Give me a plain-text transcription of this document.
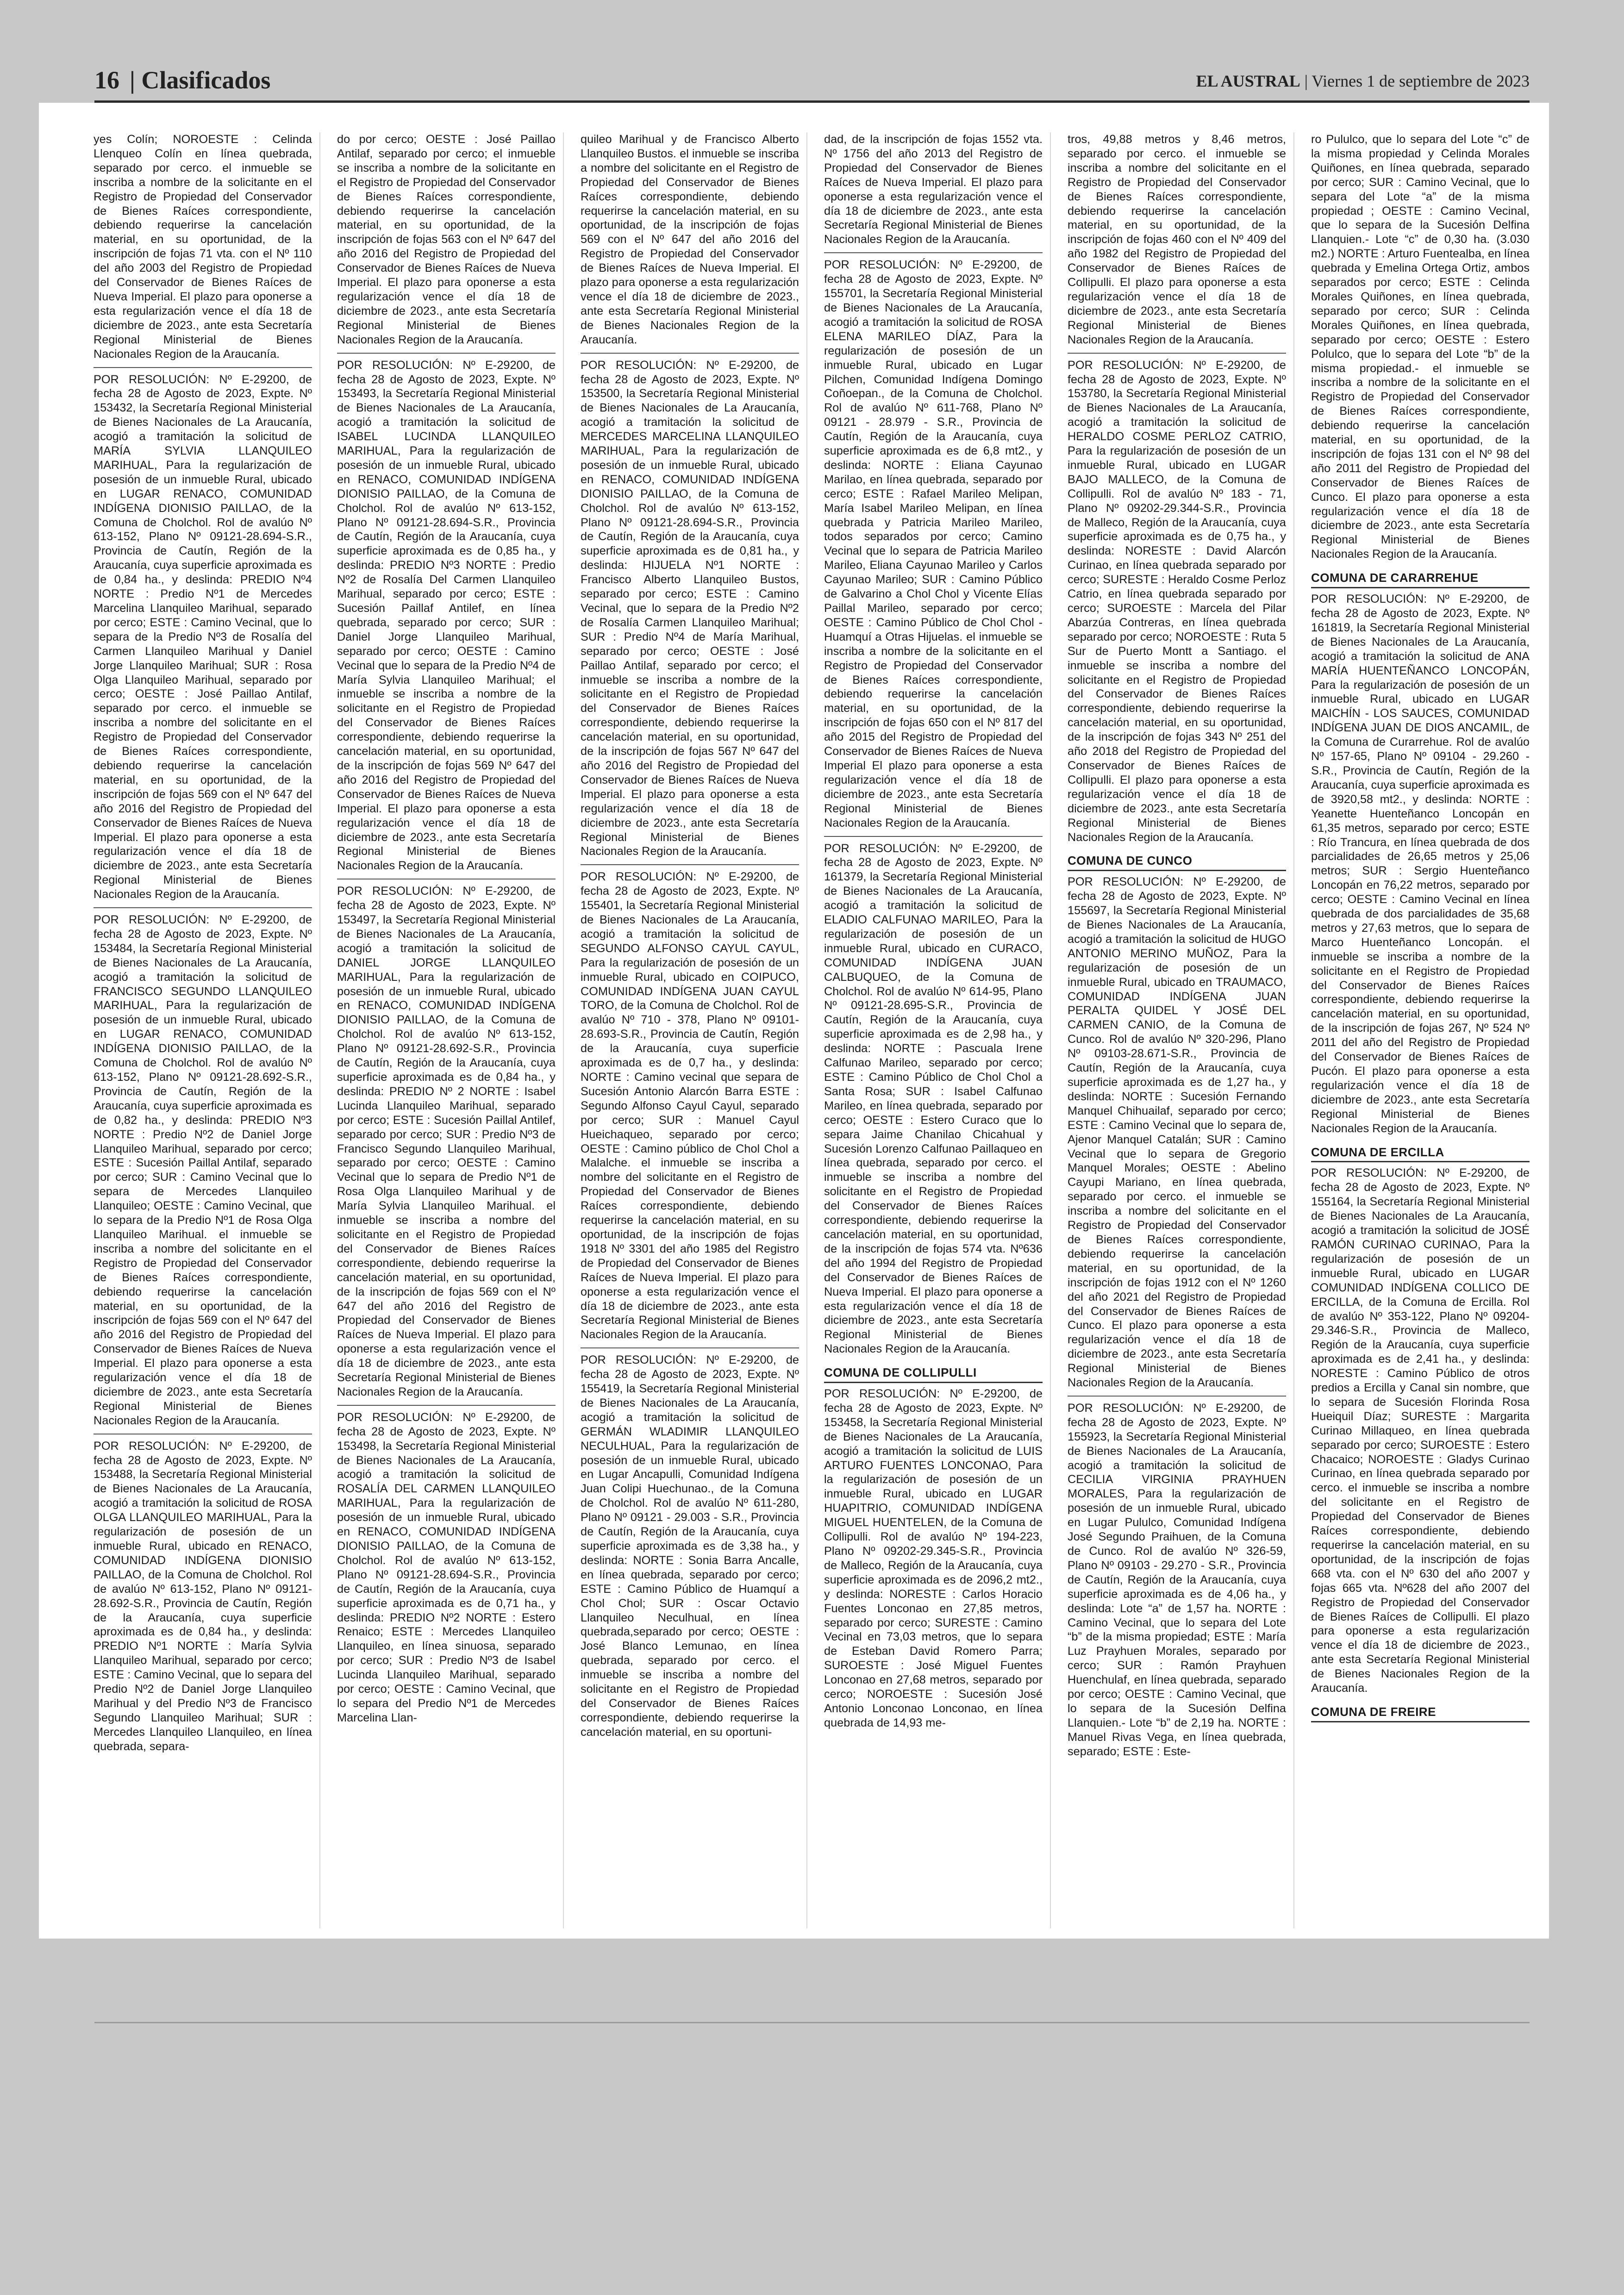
16 | Clasificados	EL AUSTRAL | Viernes 1 de septiembre de 2023
yes Colín; NOROESTE : Celinda Llenqueo Colín en línea quebrada, separado por cerco. el inmueble se inscriba a nombre de la solicitante en el Registro de Propiedad del Conservador de Bienes Raíces correspondiente, debiendo requerirse la cancelación material, en su oportunidad, de la inscripción de fojas 71 vta. con el Nº 110 del año 2003 del Registro de Propiedad del Conservador de Bienes Raíces de Nueva Imperial. El plazo para oponerse a esta regularización vence el día 18 de diciembre de 2023., ante esta Secretaría Regional Ministerial de Bienes Nacionales Region de la Araucanía.
POR RESOLUCIÓN: Nº E-29200, de fecha 28 de Agosto de 2023, Expte. Nº 153432, la Secretaría Regional Ministerial de Bienes Nacionales de La Araucanía, acogió a tramitación la solicitud de MARÍA SYLVIA LLANQUILEO MARIHUAL, Para la regularización de posesión de un inmueble Rural, ubicado en LUGAR RENACO, COMUNIDAD INDÍGENA DIONISIO PAILLAO, de la Comuna de Cholchol. Rol de avalúo Nº 613-152, Plano Nº 09121-28.694-S.R., Provincia de Cautín, Región de la Araucanía, cuya superficie aproximada es de 0,84 ha., y deslinda: PREDIO Nº4 NORTE : Predio Nº1 de Mercedes Marcelina Llanquileo Marihual, separado por cerco; ESTE : Camino Vecinal, que lo separa de la Predio Nº3 de Rosalía del Carmen Llanquileo Marihual y Daniel Jorge Llanquileo Marihual; SUR : Rosa Olga Llanquileo Marihual, separado por cerco; OESTE : José Paillao Antilaf, separado por cerco. el inmueble se inscriba a nombre del solicitante en el Registro de Propiedad del Conservador de Bienes Raíces correspondiente, debiendo requerirse la cancelación material, en su oportunidad, de la inscripción de fojas 569 con el Nº 647 del año 2016 del Registro de Propiedad del Conservador de Bienes Raíces de Nueva Imperial. El plazo para oponerse a esta regularización vence el día 18 de diciembre de 2023., ante esta Secretaría Regional Ministerial de Bienes Nacionales Region de la Araucanía.
POR RESOLUCIÓN: Nº E-29200, de fecha 28 de Agosto de 2023, Expte. Nº 153484, la Secretaría Regional Ministerial de Bienes Nacionales de La Araucanía, acogió a tramitación la solicitud de FRANCISCO SEGUNDO LLANQUILEO MARIHUAL, Para la regularización de posesión de un inmueble Rural, ubicado en LUGAR RENACO, COMUNIDAD INDÍGENA DIONISIO PAILLAO, de la Comuna de Cholchol. Rol de avalúo Nº 613-152, Plano Nº 09121-28.692-S.R., Provincia de Cautín, Región de la Araucanía, cuya superficie aproximada es de 0,82 ha., y deslinda: PREDIO Nº3 NORTE : Predio Nº2 de Daniel Jorge Llanquileo Marihual, separado por cerco; ESTE : Sucesión Paillal Antilaf, separado por cerco; SUR : Camino Vecinal que lo separa de Mercedes Llanquileo Llanquileo; OESTE : Camino Vecinal, que lo separa de la Predio Nº1 de Rosa Olga Llanquileo Marihual. el inmueble se inscriba a nombre del solicitante en el Registro de Propiedad del Conservador de Bienes Raíces correspondiente, debiendo requerirse la cancelación material, en su oportunidad, de la inscripción de fojas 569 con el Nº 647 del año 2016 del Registro de Propiedad del Conservador de Bienes Raíces de Nueva Imperial. El plazo para oponerse a esta regularización vence el día 18 de diciembre de 2023., ante esta Secretaría Regional Ministerial de Bienes Nacionales Region de la Araucanía.
POR RESOLUCIÓN: Nº E-29200, de fecha 28 de Agosto de 2023, Expte. Nº 153488, la Secretaría Regional Ministerial de Bienes Nacionales de La Araucanía, acogió a tramitación la solicitud de ROSA OLGA LLANQUILEO MARIHUAL, Para la regularización de posesión de un inmueble Rural, ubicado en RENACO, COMUNIDAD INDÍGENA DIONISIO PAILLAO, de la Comuna de Cholchol. Rol de avalúo Nº 613-152, Plano Nº 09121-28.692-S.R., Provincia de Cautín, Región de la Araucanía, cuya superficie aproximada es de 0,84 ha., y deslinda: PREDIO Nº1 NORTE : María Sylvia Llanquileo Marihual, separado por cerco; ESTE : Camino Vecinal, que lo separa del Predio Nº2 de Daniel Jorge Llanquileo Marihual y del Predio Nº3 de Francisco Segundo Llanquileo Marihual; SUR : Mercedes Llanquileo Llanquileo, en línea quebrada, separa-
do por cerco; OESTE : José Paillao Antilaf, separado por cerco; el inmueble se inscriba a nombre de la solicitante en el Registro de Propiedad del Conservador de Bienes Raíces correspondiente, debiendo requerirse la cancelación material, en su oportunidad, de la inscripción de fojas 563 con el Nº 647 del año 2016 del Registro de Propiedad del Conservador de Bienes Raíces de Nueva Imperial. El plazo para oponerse a esta regularización vence el día 18 de diciembre de 2023., ante esta Secretaría Regional Ministerial de Bienes Nacionales Region de la Araucanía.
POR RESOLUCIÓN: Nº E-29200, de fecha 28 de Agosto de 2023, Expte. Nº 153493, la Secretaría Regional Ministerial de Bienes Nacionales de La Araucanía, acogió a tramitación la solicitud de ISABEL LUCINDA LLANQUILEO MARIHUAL, Para la regularización de posesión de un inmueble Rural, ubicado en RENACO, COMUNIDAD INDÍGENA DIONISIO PAILLAO, de la Comuna de Cholchol. Rol de avalúo Nº 613-152, Plano Nº 09121-28.694-S.R., Provincia de Cautín, Región de la Araucanía, cuya superficie aproximada es de 0,85 ha., y deslinda: PREDIO Nº3 NORTE : Predio Nº2 de Rosalía Del Carmen Llanquileo Marihual, separado por cerco; ESTE : Sucesión Paillaf Antilef, en línea quebrada, separado por cerco; SUR : Daniel Jorge Llanquileo Marihual, separado por cerco; OESTE : Camino Vecinal que lo separa de la Predio Nº4 de María Sylvia Llanquileo Marihual; el inmueble se inscriba a nombre de la solicitante en el Registro de Propiedad del Conservador de Bienes Raíces correspondiente, debiendo requerirse la cancelación material, en su oportunidad, de la inscripción de fojas 569 Nº 647 del año 2016 del Registro de Propiedad del Conservador de Bienes Raíces de Nueva Imperial. El plazo para oponerse a esta regularización vence el día 18 de diciembre de 2023., ante esta Secretaría Regional Ministerial de Bienes Nacionales Region de la Araucanía.
POR RESOLUCIÓN: Nº E-29200, de fecha 28 de Agosto de 2023, Expte. Nº 153497, la Secretaría Regional Ministerial de Bienes Nacionales de La Araucanía, acogió a tramitación la solicitud de DANIEL JORGE LLANQUILEO MARIHUAL, Para la regularización de posesión de un inmueble Rural, ubicado en RENACO, COMUNIDAD INDÍGENA DIONISIO PAILLAO, de la Comuna de Cholchol. Rol de avalúo Nº 613-152, Plano Nº 09121-28.692-S.R., Provincia de Cautín, Región de la Araucanía, cuya superficie aproximada es de 0,84 ha., y deslinda: PREDIO Nº 2 NORTE : Isabel Lucinda Llanquileo Marihual, separado por cerco; ESTE : Sucesión Paillal Antilef, separado por cerco; SUR : Predio Nº3 de Francisco Segundo Llanquileo Marihual, separado por cerco; OESTE : Camino Vecinal que lo separa de Predio Nº1 de Rosa Olga Llanquileo Marihual y de María Sylvia Llanquileo Marihual. el inmueble se inscriba a nombre del solicitante en el Registro de Propiedad del Conservador de Bienes Raíces correspondiente, debiendo requerirse la cancelación material, en su oportunidad, de la inscripción de fojas 569 con el Nº 647 del año 2016 del Registro de Propiedad del Conservador de Bienes Raíces de Nueva Imperial. El plazo para oponerse a esta regularización vence el día 18 de diciembre de 2023., ante esta Secretaría Regional Ministerial de Bienes Nacionales Region de la Araucanía.
POR RESOLUCIÓN: Nº E-29200, de fecha 28 de Agosto de 2023, Expte. Nº 153498, la Secretaría Regional Ministerial de Bienes Nacionales de La Araucanía, acogió a tramitación la solicitud de ROSALÍA DEL CARMEN LLANQUILEO MARIHUAL, Para la regularización de posesión de un inmueble Rural, ubicado en RENACO, COMUNIDAD INDÍGENA DIONISIO PAILLAO, de la Comuna de Cholchol. Rol de avalúo Nº 613-152, Plano Nº 09121-28.694-S.R., Provincia de Cautín, Región de la Araucanía, cuya superficie aproximada es de 0,71 ha., y deslinda: PREDIO Nº2 NORTE : Estero Renaico; ESTE : Mercedes Llanquileo Llanquileo, en línea sinuosa, separado por cerco; SUR : Predio Nº3 de Isabel Lucinda Llanquileo Marihual, separado por cerco; OESTE : Camino Vecinal, que lo separa del Predio Nº1 de Mercedes Marcelina Llan-
quileo Marihual y de Francisco Alberto Llanquileo Bustos. el inmueble se inscriba a nombre del solicitante en el Registro de Propiedad del Conservador de Bienes Raíces correspondiente, debiendo requerirse la cancelación material, en su oportunidad, de la inscripción de fojas 569 con el Nº 647 del año 2016 del Registro de Propiedad del Conservador de Bienes Raíces de Nueva Imperial. El plazo para oponerse a esta regularización vence el día 18 de diciembre de 2023., ante esta Secretaría Regional Ministerial de Bienes Nacionales Region de la Araucanía.
POR RESOLUCIÓN: Nº E-29200, de fecha 28 de Agosto de 2023, Expte. Nº 153500, la Secretaría Regional Ministerial de Bienes Nacionales de La Araucanía, acogió a tramitación la solicitud de MERCEDES MARCELINA LLANQUILEO MARIHUAL, Para la regularización de posesión de un inmueble Rural, ubicado en RENACO, COMUNIDAD INDÍGENA DIONISIO PAILLAO, de la Comuna de Cholchol. Rol de avalúo Nº 613-152, Plano Nº 09121-28.694-S.R., Provincia de Cautín, Región de la Araucanía, cuya superficie aproximada es de 0,81 ha., y deslinda: HIJUELA Nº1 NORTE : Francisco Alberto Llanquileo Bustos, separado por cerco; ESTE : Camino Vecinal, que lo separa de la Predio Nº2 de Rosalía Carmen Llanquileo Marihual; SUR : Predio Nº4 de María Marihual, separado por cerco; OESTE : José Paillao Antilaf, separado por cerco; el inmueble se inscriba a nombre de la solicitante en el Registro de Propiedad del Conservador de Bienes Raíces correspondiente, debiendo requerirse la cancelación material, en su oportunidad, de la inscripción de fojas 567 Nº 647 del año 2016 del Registro de Propiedad del Conservador de Bienes Raíces de Nueva Imperial. El plazo para oponerse a esta regularización vence el día 18 de diciembre de 2023., ante esta Secretaría Regional Ministerial de Bienes Nacionales Region de la Araucanía.
POR RESOLUCIÓN: Nº E-29200, de fecha 28 de Agosto de 2023, Expte. Nº 155401, la Secretaría Regional Ministerial de Bienes Nacionales de La Araucanía, acogió a tramitación la solicitud de SEGUNDO ALFONSO CAYUL CAYUL, Para la regularización de posesión de un inmueble Rural, ubicado en COIPUCO, COMUNIDAD INDÍGENA JUAN CAYUL TORO, de la Comuna de Cholchol. Rol de avalúo Nº 710 - 378, Plano Nº 09101-28.693-S.R., Provincia de Cautín, Región de la Araucanía, cuya superficie aproximada es de 0,7 ha., y deslinda: NORTE : Camino vecinal que separa de Sucesión Antonio Alarcón Barra ESTE : Segundo Alfonso Cayul Cayul, separado por cerco; SUR : Manuel Cayul Hueichaqueo, separado por cerco; OESTE : Camino público de Chol Chol a Malalche. el inmueble se inscriba a nombre del solicitante en el Registro de Propiedad del Conservador de Bienes Raíces correspondiente, debiendo requerirse la cancelación material, en su oportunidad, de la inscripción de fojas 1918 Nº 3301 del año 1985 del Registro de Propiedad del Conservador de Bienes Raíces de Nueva Imperial. El plazo para oponerse a esta regularización vence el día 18 de diciembre de 2023., ante esta Secretaría Regional Ministerial de Bienes Nacionales Region de la Araucanía.
POR RESOLUCIÓN: Nº E-29200, de fecha 28 de Agosto de 2023, Expte. Nº 155419, la Secretaría Regional Ministerial de Bienes Nacionales de La Araucanía, acogió a tramitación la solicitud de GERMÁN WLADIMIR LLANQUILEO NECULHUAL, Para la regularización de posesión de un inmueble Rural, ubicado en Lugar Ancapulli, Comunidad Indígena Juan Colipi Huechunao., de la Comuna de Cholchol. Rol de avalúo Nº 611-280, Plano Nº 09121 - 29.003 - S.R., Provincia de Cautín, Región de la Araucanía, cuya superficie aproximada es de 3,38 ha., y deslinda: NORTE : Sonia Barra Ancalle, en línea quebrada, separado por cerco; ESTE : Camino Público de Huamquí a Chol Chol; SUR : Oscar Octavio Llanquileo Neculhual, en línea quebrada,separado por cerco; OESTE : José Blanco Lemunao, en línea quebrada, separado por cerco. el inmueble se inscriba a nombre del solicitante en el Registro de Propiedad del Conservador de Bienes Raíces correspondiente, debiendo requerirse la cancelación material, en su oportuni-
dad, de la inscripción de fojas 1552 vta. Nº 1756 del año 2013 del Registro de Propiedad del Conservador de Bienes Raíces de Nueva Imperial. El plazo para oponerse a esta regularización vence el día 18 de diciembre de 2023., ante esta Secretaría Regional Ministerial de Bienes Nacionales Region de la Araucanía.
POR RESOLUCIÓN: Nº E-29200, de fecha 28 de Agosto de 2023, Expte. Nº 155701, la Secretaría Regional Ministerial de Bienes Nacionales de La Araucanía, acogió a tramitación la solicitud de ROSA ELENA MARILEO DÍAZ, Para la regularización de posesión de un inmueble Rural, ubicado en Lugar Pilchen, Comunidad Indígena Domingo Coñoepan., de la Comuna de Cholchol. Rol de avalúo Nº 611-768, Plano Nº 09121 - 28.979 - S.R., Provincia de Cautín, Región de la Araucanía, cuya superficie aproximada es de 6,8 mt2., y deslinda: NORTE : Eliana Cayunao Marilao, en línea quebrada, separado por cerco; ESTE : Rafael Marileo Melipan, María Isabel Marileo Melipan, en línea quebrada y Patricia Marileo Marileo, todos separados por cerco; Camino Vecinal que lo separa de Patricia Marileo Marileo, Eliana Cayunao Marileo y Carlos Cayunao Marileo; SUR : Camino Público de Galvarino a Chol Chol y Vicente Elías Paillal Marileo, separado por cerco; OESTE : Camino Público de Chol Chol - Huamquí a Otras Hijuelas. el inmueble se inscriba a nombre de la solicitante en el Registro de Propiedad del Conservador de Bienes Raíces correspondiente, debiendo requerirse la cancelación material, en su oportunidad, de la inscripción de fojas 650 con el Nº 817 del año 2015 del Registro de Propiedad del Conservador de Bienes Raíces de Nueva Imperial El plazo para oponerse a esta regularización vence el día 18 de diciembre de 2023., ante esta Secretaría Regional Ministerial de Bienes Nacionales Region de la Araucanía.
POR RESOLUCIÓN: Nº E-29200, de fecha 28 de Agosto de 2023, Expte. Nº 161379, la Secretaría Regional Ministerial de Bienes Nacionales de La Araucanía, acogió a tramitación la solicitud de ELADIO CALFUNAO MARILEO, Para la regularización de posesión de un inmueble Rural, ubicado en CURACO, COMUNIDAD INDÍGENA JUAN CALBUQUEO, de la Comuna de Cholchol. Rol de avalúo Nº 614-95, Plano Nº 09121-28.695-S.R., Provincia de Cautín, Región de la Araucanía, cuya superficie aproximada es de 2,98 ha., y deslinda: NORTE : Pascuala Irene Calfunao Marileo, separado por cerco; ESTE : Camino Público de Chol Chol a Santa Rosa; SUR : Isabel Calfunao Marileo, en línea quebrada, separado por cerco; OESTE : Estero Curaco que lo separa Jaime Chanilao Chicahual y Sucesión Lorenzo Calfunao Paillaqueo en línea quebrada, separado por cerco. el inmueble se inscriba a nombre del solicitante en el Registro de Propiedad del Conservador de Bienes Raíces correspondiente, debiendo requerirse la cancelación material, en su oportunidad, de la inscripción de fojas 574 vta. Nº636 del año 1994 del Registro de Propiedad del Conservador de Bienes Raíces de Nueva Imperial. El plazo para oponerse a esta regularización vence el día 18 de diciembre de 2023., ante esta Secretaría Regional Ministerial de Bienes Nacionales Region de la Araucanía.
COMUNA DE COLLIPULLI
POR RESOLUCIÓN: Nº E-29200, de fecha 28 de Agosto de 2023, Expte. Nº 153458, la Secretaría Regional Ministerial de Bienes Nacionales de La Araucanía, acogió a tramitación la solicitud de LUIS ARTURO FUENTES LONCONAO, Para la regularización de posesión de un inmueble Rural, ubicado en LUGAR HUAPITRIO, COMUNIDAD INDÍGENA MIGUEL HUENTELEN, de la Comuna de Collipulli. Rol de avalúo Nº 194-223, Plano Nº 09202-29.345-S.R., Provincia de Malleco, Región de la Araucanía, cuya superficie aproximada es de 2096,2 mt2., y deslinda: NORESTE : Carlos Horacio Fuentes Lonconao en 27,85 metros, separado por cerco; SURESTE : Camino Vecinal en 73,03 metros, que lo separa de Esteban David Romero Parra; SUROESTE : José Miguel Fuentes Lonconao en 27,68 metros, separado por cerco; NOROESTE : Sucesión José Antonio Lonconao Lonconao, en línea quebrada de 14,93 me-
tros, 49,88 metros y 8,46 metros, separado por cerco. el inmueble se inscriba a nombre del solicitante en el Registro de Propiedad del Conservador de Bienes Raíces correspondiente, debiendo requerirse la cancelación material, en su oportunidad, de la inscripción de fojas 460 con el Nº 409 del año 1982 del Registro de Propiedad del Conservador de Bienes Raíces de Collipulli. El plazo para oponerse a esta regularización vence el día 18 de diciembre de 2023., ante esta Secretaría Regional Ministerial de Bienes Nacionales Region de la Araucanía.
POR RESOLUCIÓN: Nº E-29200, de fecha 28 de Agosto de 2023, Expte. Nº 153780, la Secretaría Regional Ministerial de Bienes Nacionales de La Araucanía, acogió a tramitación la solicitud de HERALDO COSME PERLOZ CATRIO, Para la regularización de posesión de un inmueble Rural, ubicado en LUGAR BAJO MALLECO, de la Comuna de Collipulli. Rol de avalúo Nº 183 - 71, Plano Nº 09202-29.344-S.R., Provincia de Malleco, Región de la Araucanía, cuya superficie aproximada es de 0,75 ha., y deslinda: NORESTE : David Alarcón Curinao, en línea quebrada separado por cerco; SURESTE : Heraldo Cosme Perloz Catrio, en línea quebrada separado por cerco; SUROESTE : Marcela del Pilar Abarzúa Contreras, en línea quebrada separado por cerco; NOROESTE : Ruta 5 Sur de Puerto Montt a Santiago. el inmueble se inscriba a nombre del solicitante en el Registro de Propiedad del Conservador de Bienes Raíces correspondiente, debiendo requerirse la cancelación material, en su oportunidad, de la inscripción de fojas 343 Nº 251 del año 2018 del Registro de Propiedad del Conservador de Bienes Raíces de Collipulli. El plazo para oponerse a esta regularización vence el día 18 de diciembre de 2023., ante esta Secretaría Regional Ministerial de Bienes Nacionales Region de la Araucanía.
COMUNA DE CUNCO
POR RESOLUCIÓN: Nº E-29200, de fecha 28 de Agosto de 2023, Expte. Nº 155697, la Secretaría Regional Ministerial de Bienes Nacionales de La Araucanía, acogió a tramitación la solicitud de HUGO ANTONIO MERINO MUÑOZ, Para la regularización de posesión de un inmueble Rural, ubicado en TRAUMACO, COMUNIDAD INDÍGENA JUAN PERALTA QUIDEL Y JOSÉ DEL CARMEN CANIO, de la Comuna de Cunco. Rol de avalúo Nº 320-296, Plano Nº 09103-28.671-S.R., Provincia de Cautín, Región de la Araucanía, cuya superficie aproximada es de 1,27 ha., y deslinda: NORTE : Sucesión Fernando Manquel Chihuailaf, separado por cerco; ESTE : Camino Vecinal que lo separa de, Ajenor Manquel Catalán; SUR : Camino Vecinal que lo separa de Gregorio Manquel Morales; OESTE : Abelino Cayupi Mariano, en línea quebrada, separado por cerco. el inmueble se inscriba a nombre del solicitante en el Registro de Propiedad del Conservador de Bienes Raíces correspondiente, debiendo requerirse la cancelación material, en su oportunidad, de la inscripción de fojas 1912 con el Nº 1260 del año 2021 del Registro de Propiedad del Conservador de Bienes Raíces de Cunco. El plazo para oponerse a esta regularización vence el día 18 de diciembre de 2023., ante esta Secretaría Regional Ministerial de Bienes Nacionales Region de la Araucanía.
POR RESOLUCIÓN: Nº E-29200, de fecha 28 de Agosto de 2023, Expte. Nº 155923, la Secretaría Regional Ministerial de Bienes Nacionales de La Araucanía, acogió a tramitación la solicitud de CECILIA VIRGINIA PRAYHUEN MORALES, Para la regularización de posesión de un inmueble Rural, ubicado en Lugar Pululco, Comunidad Indígena José Segundo Praihuen, de la Comuna de Cunco. Rol de avalúo Nº 326-59, Plano Nº 09103 - 29.270 - S.R., Provincia de Cautín, Región de la Araucanía, cuya superficie aproximada es de 4,06 ha., y deslinda: Lote “a” de 1,57 ha. NORTE : Camino Vecinal, que lo separa del Lote “b” de la misma propiedad; ESTE : María Luz Prayhuen Morales, separado por cerco; SUR : Ramón Prayhuen Huenchulaf, en línea quebrada, separado por cerco; OESTE : Camino Vecinal, que lo separa de la Sucesión Delfina Llanquien.- Lote “b” de 2,19 ha. NORTE : Manuel Rivas Vega, en línea quebrada, separado; ESTE : Este-
ro Pululco, que lo separa del Lote “c” de la misma propiedad y Celinda Morales Quiñones, en línea quebrada, separado por cerco; SUR : Camino Vecinal, que lo separa del Lote “a” de la misma propiedad ; OESTE : Camino Vecinal, que lo separa de la Sucesión Delfina Llanquien.- Lote “c” de 0,30 ha. (3.030 m2.) NORTE : Arturo Fuentealba, en línea quebrada y Emelina Ortega Ortiz, ambos separados por cerco; ESTE : Celinda Morales Quiñones, en línea quebrada, separado por cerco; SUR : Celinda Morales Quiñones, en línea quebrada, separado por cerco; OESTE : Estero Polulco, que lo separa del Lote “b” de la misma propiedad.- el inmueble se inscriba a nombre de la solicitante en el Registro de Propiedad del Conservador de Bienes Raíces correspondiente, debiendo requerirse la cancelación material, en su oportunidad, de la inscripción de fojas 131 con el Nº 98 del año 2011 del Registro de Propiedad del Conservador de Bienes Raíces de Cunco. El plazo para oponerse a esta regularización vence el día 18 de diciembre de 2023., ante esta Secretaría Regional Ministerial de Bienes Nacionales Region de la Araucanía.
COMUNA DE CARARREHUE
POR RESOLUCIÓN: Nº E-29200, de fecha 28 de Agosto de 2023, Expte. Nº 161819, la Secretaría Regional Ministerial de Bienes Nacionales de La Araucanía, acogió a tramitación la solicitud de ANA MARÍA HUENTEÑANCO LONCOPÁN, Para la regularización de posesión de un inmueble Rural, ubicado en LUGAR MAICHÍN - LOS SAUCES, COMUNIDAD INDÍGENA JUAN DE DIOS ANCAMIL, de la Comuna de Curarrehue. Rol de avalúo Nº 157-65, Plano Nº 09104 - 29.260 - S.R., Provincia de Cautín, Región de la Araucanía, cuya superficie aproximada es de 3920,58 mt2., y deslinda: NORTE : Yeanette Huenteñanco Loncopán en 61,35 metros, separado por cerco; ESTE : Río Trancura, en línea quebrada de dos parcialidades de 26,65 metros y 25,06 metros; SUR : Sergio Huenteñanco Loncopán en 76,22 metros, separado por cerco; OESTE : Camino Vecinal en línea quebrada de dos parcialidades de 35,68 metros y 27,63 metros, que lo separa de Marco Huenteñanco Loncopán. el inmueble se inscriba a nombre de la solicitante en el Registro de Propiedad del Conservador de Bienes Raíces correspondiente, debiendo requerirse la cancelación material, en su oportunidad, de la inscripción de fojas 267, Nº 524 Nº 2011 del año del Registro de Propiedad del Conservador de Bienes Raíces de Pucón. El plazo para oponerse a esta regularización vence el día 18 de diciembre de 2023., ante esta Secretaría Regional Ministerial de Bienes Nacionales Region de la Araucanía.
COMUNA DE ERCILLA
POR RESOLUCIÓN: Nº E-29200, de fecha 28 de Agosto de 2023, Expte. Nº 155164, la Secretaría Regional Ministerial de Bienes Nacionales de La Araucanía, acogió a tramitación la solicitud de JOSÉ RAMÓN CURINAO CURINAO, Para la regularización de posesión de un inmueble Rural, ubicado en LUGAR COMUNIDAD INDÍGENA COLLICO DE ERCILLA, de la Comuna de Ercilla. Rol de avalúo Nº 353-122, Plano Nº 09204-29.346-S.R., Provincia de Malleco, Región de la Araucanía, cuya superficie aproximada es de 2,41 ha., y deslinda: NORESTE : Camino Público de otros predios a Ercilla y Canal sin nombre, que lo separa de Sucesión Florinda Rosa Hueiquil Díaz; SURESTE : Margarita Curinao Millaqueo, en línea quebrada separado por cerco; SUROESTE : Estero Chacaico; NOROESTE : Gladys Curinao Curinao, en línea quebrada separado por cerco. el inmueble se inscriba a nombre del solicitante en el Registro de Propiedad del Conservador de Bienes Raíces correspondiente, debiendo requerirse la cancelación material, en su oportunidad, de la inscripción de fojas 668 vta. con el Nº 630 del año 2007 y fojas 665 vta. Nº628 del año 2007 del Registro de Propiedad del Conservador de Bienes Raíces de Collipulli. El plazo para oponerse a esta regularización vence el día 18 de diciembre de 2023., ante esta Secretaría Regional Ministerial de Bienes Nacionales Region de la Araucanía.
COMUNA DE FREIRE
